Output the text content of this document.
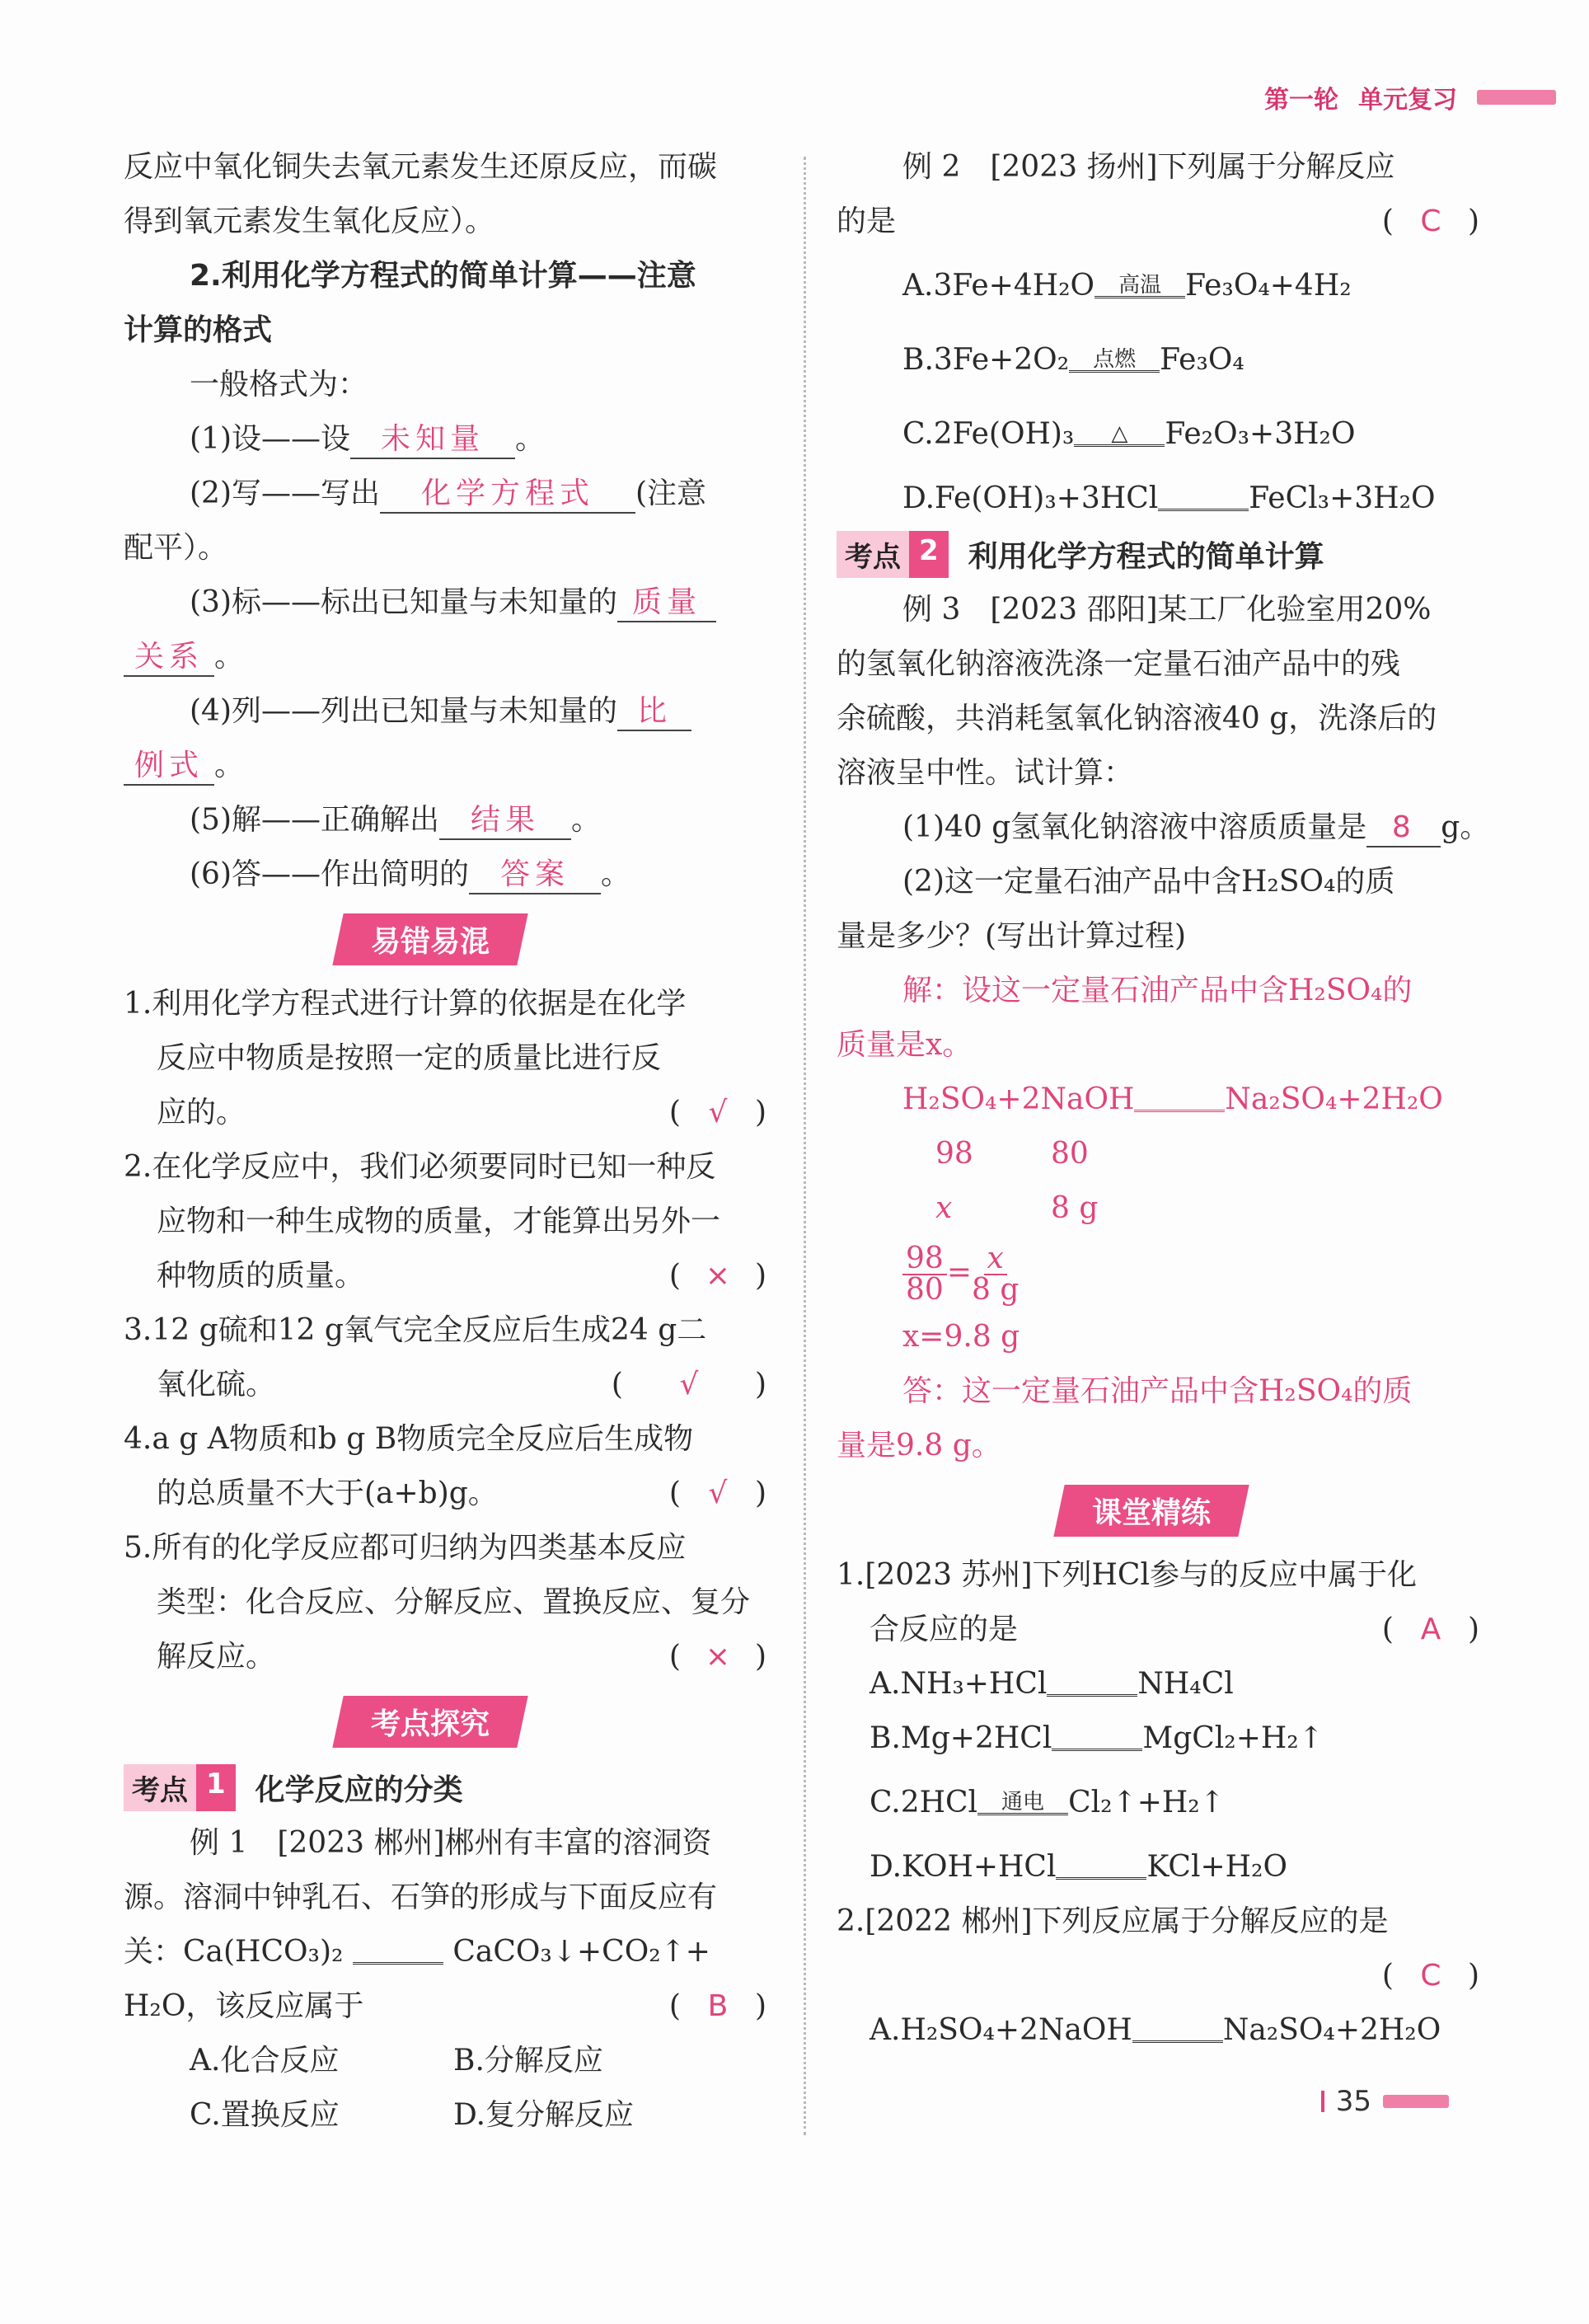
第一轮 单元复习
反应中氧化铜失去氧元素发生还原反应，而碳
得到氧元素发生氧化反应）。
2.利用化学方程式的简单计算——注意
计算的格式
一般格式为：
(1)设——设 未知量 。
(2)写——写出 化学方程式 (注意
配平）。
(3)标——标出已知量与未知量的 质量
关系 。
(4)列——列出已知量与未知量的 比
例式 。
(5)解——正确解出 结果 。
(6)答——作出简明的 答案 。
易错易混
1.利用化学方程式进行计算的依据是在化学
反应中物质是按照一定的质量比进行反
应的。	( √ )
2.在化学反应中，我们必须要同时已知一种反
应物和一种生成物的质量，才能算出另外一
种物质的质量。	( × )
3.12 g硫和12 g氧气完全反应后生成24 g二
氧化硫。	( √ )
4.a g A物质和b g B物质完全反应后生成物
的总质量不大于(a+b)g。	( √ )
5.所有的化学反应都可归纳为四类基本反应
类型：化合反应、分解反应、置换反应、复分
解反应。	( × )
考点探究
考点 1	化学反应的分类
例 1　[2023 郴州]郴州有丰富的溶洞资
源。溶洞中钟乳石、石笋的形成与下面反应有
关：Ca(HCO₃)₂
	CaCO₃↓+CO₂↑+
H₂O，该反应属于	( B )
A.化合反应	B.分解反应
C.置换反应	D.复分解反应
例 2　[2023 扬州]下列属于分解反应
的是	( C )
A.3Fe+4H₂O 高温 Fe₃O₄+4H₂
B.3Fe+2O₂ 点燃 Fe₃O₄
C.2Fe(OH)₃ △ Fe₂O₃+3H₂O
D.Fe(OH)₃+3HCl
	FeCl₃+3H₂O
考点 2	利用化学方程式的简单计算
例 3　[2023 邵阳]某工厂化验室用20%
的氢氧化钠溶液洗涤一定量石油产品中的残
余硫酸，共消耗氢氧化钠溶液40 g，洗涤后的
溶液呈中性。试计算：
(1)40 g氢氧化钠溶液中溶质质量是 8 g。
(2)这一定量石油产品中含H₂SO₄的质
量是多少？(写出计算过程)
解：设这一定量石油产品中含H₂SO₄的
质量是x。
H₂SO₄+2NaOH
	Na₂SO₄+2H₂O
98	80
x	8 g
$\frac{98}{80} = \frac{x}{8 g}$
x=9.8 g
答：这一定量石油产品中含H₂SO₄的质
量是9.8 g。
课堂精练
1.[2023 苏州]下列HCl参与的反应中属于化
合反应的是	( A )
A.NH₃+HCl
	NH₄Cl
B.Mg+2HCl
	MgCl₂+H₂↑
C.2HCl 通电 Cl₂↑+H₂↑
D.KOH+HCl
	KCl+H₂O
2.[2022 郴州]下列反应属于分解反应的是

( C )
A.H₂SO₄+2NaOH
	Na₂SO₄+2H₂O
35
